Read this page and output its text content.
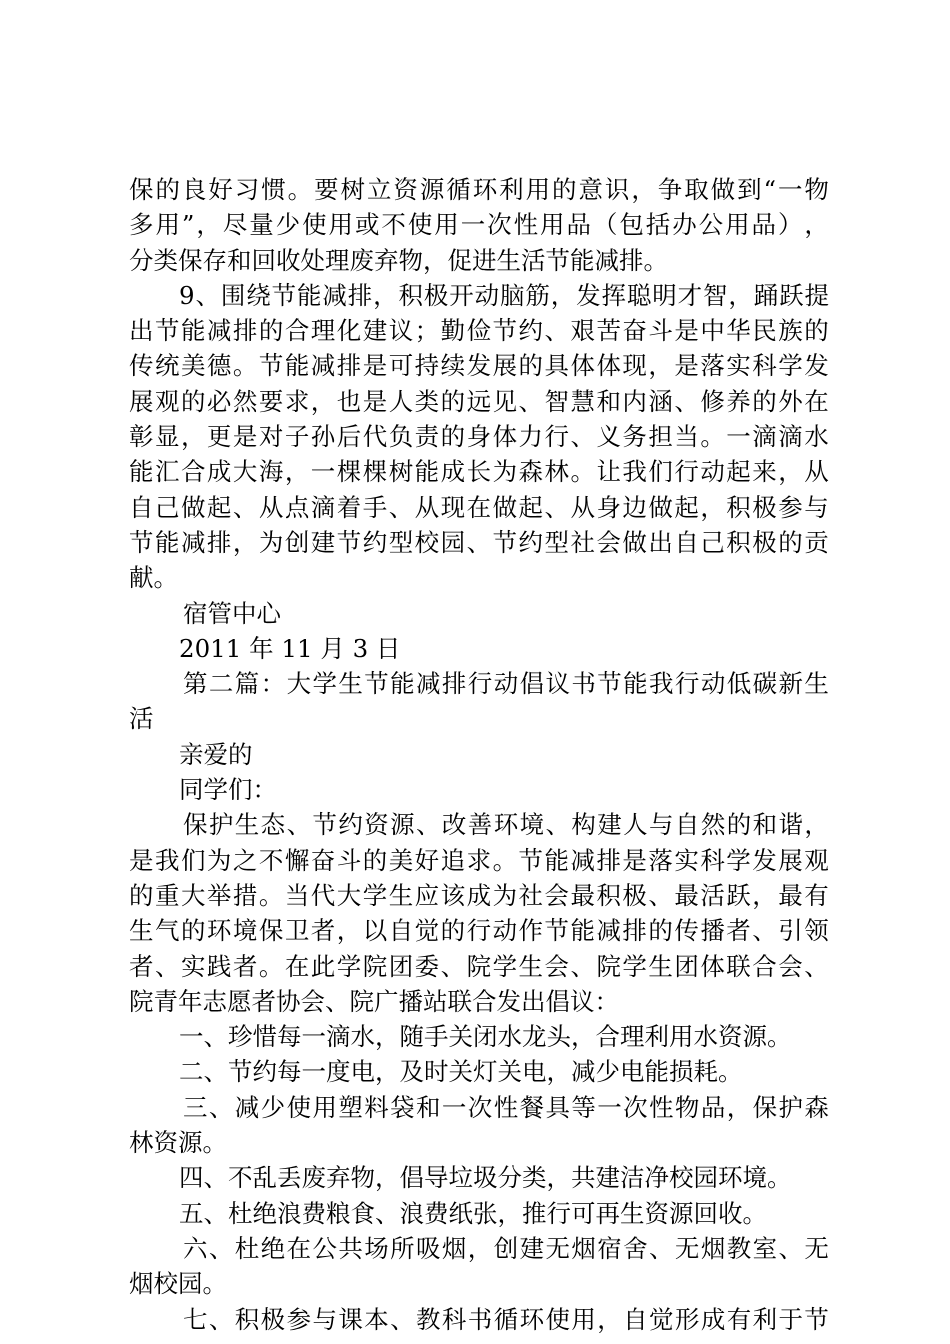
保 的 良 好 习 惯 。 要 树 立 资 源 循 环 利 用 的 意 识 ， 争 取 做 到 “ 一 物
多 用 ” ， 尽 量 少 使 用 或 不 使 用 一 次 性 用 品 （ 包 括 办 公 用 品 ） ，
分类保存和回收处理废弃物，促进生活节能减排。
9 、 围 绕 节 能 减 排 ， 积 极 开 动 脑 筋 ， 发 挥 聪 明 才 智 ， 踊 跃 提
出 节 能 减 排 的 合 理 化 建 议 ； 勤 俭 节 约 、 艰 苦 奋 斗 是 中 华 民 族 的
传 统 美 德 。 节 能 减 排 是 可 持 续 发 展 的 具 体 体 现 ， 是 落 实 科 学 发
展 观 的 必 然 要 求 ， 也 是 人 类 的 远 见 、 智 慧 和 内 涵 、 修 养 的 外 在
彰 显 ， 更 是 对 子 孙 后 代 负 责 的 身 体 力 行 、 义 务 担 当 。 一 滴 滴 水
能 汇 合 成 大 海 ， 一 棵 棵 树 能 成 长 为 森 林 。 让 我 们 行 动 起 来 ， 从
自 己 做 起 、 从 点 滴 着 手 、 从 现 在 做 起 、 从 身 边 做 起 ， 积 极 参 与
节 能 减 排 ， 为 创 建 节 约 型 校 园 、 节 约 型 社 会 做 出 自 己 积 极 的 贡
献。
宿管中心
2011 年 11 月 3 日
第 二 篇 ： 大 学 生 节 能 减 排 行 动 倡 议 书 节 能 我 行 动 低 碳 新 生
活
亲爱的
同学们：
保 护 生 态 、 节 约 资 源 、 改 善 环 境 、 构 建 人 与 自 然 的 和 谐 ，
是 我 们 为 之 不 懈 奋 斗 的 美 好 追 求 。 节 能 减 排 是 落 实 科 学 发 展 观
的 重 大 举 措 。 当 代 大 学 生 应 该 成 为 社 会 最 积 极 、 最 活 跃 ， 最 有
生 气 的 环 境 保 卫 者 ， 以 自 觉 的 行 动 作 节 能 减 排 的 传 播 者 、 引 领
者 、 实 践 者 。 在 此 学 院 团 委 、 院 学 生 会 、 院 学 生 团 体 联 合 会 、
院青年志愿者协会、院广播站联合发出倡议：
一、珍惜每一滴水，随手关闭水龙头，合理利用水资源。
二、节约每一度电，及时关灯关电，减少电能损耗。
三 、 减 少 使 用 塑 料 袋 和 一 次 性 餐 具 等 一 次 性 物 品 ， 保 护 森
林资源。
四、不乱丢废弃物，倡导垃圾分类，共建洁净校园环境。
五、杜绝浪费粮食、浪费纸张，推行可再生资源回收。
六 、 杜 绝 在 公 共 场 所 吸 烟 ， 创 建 无 烟 宿 舍 、 无 烟 教 室 、 无
烟校园。
七 、 积 极 参 与 课 本 、 教 科 书 循 环 使 用 ， 自 觉 形 成 有 利 于 节
